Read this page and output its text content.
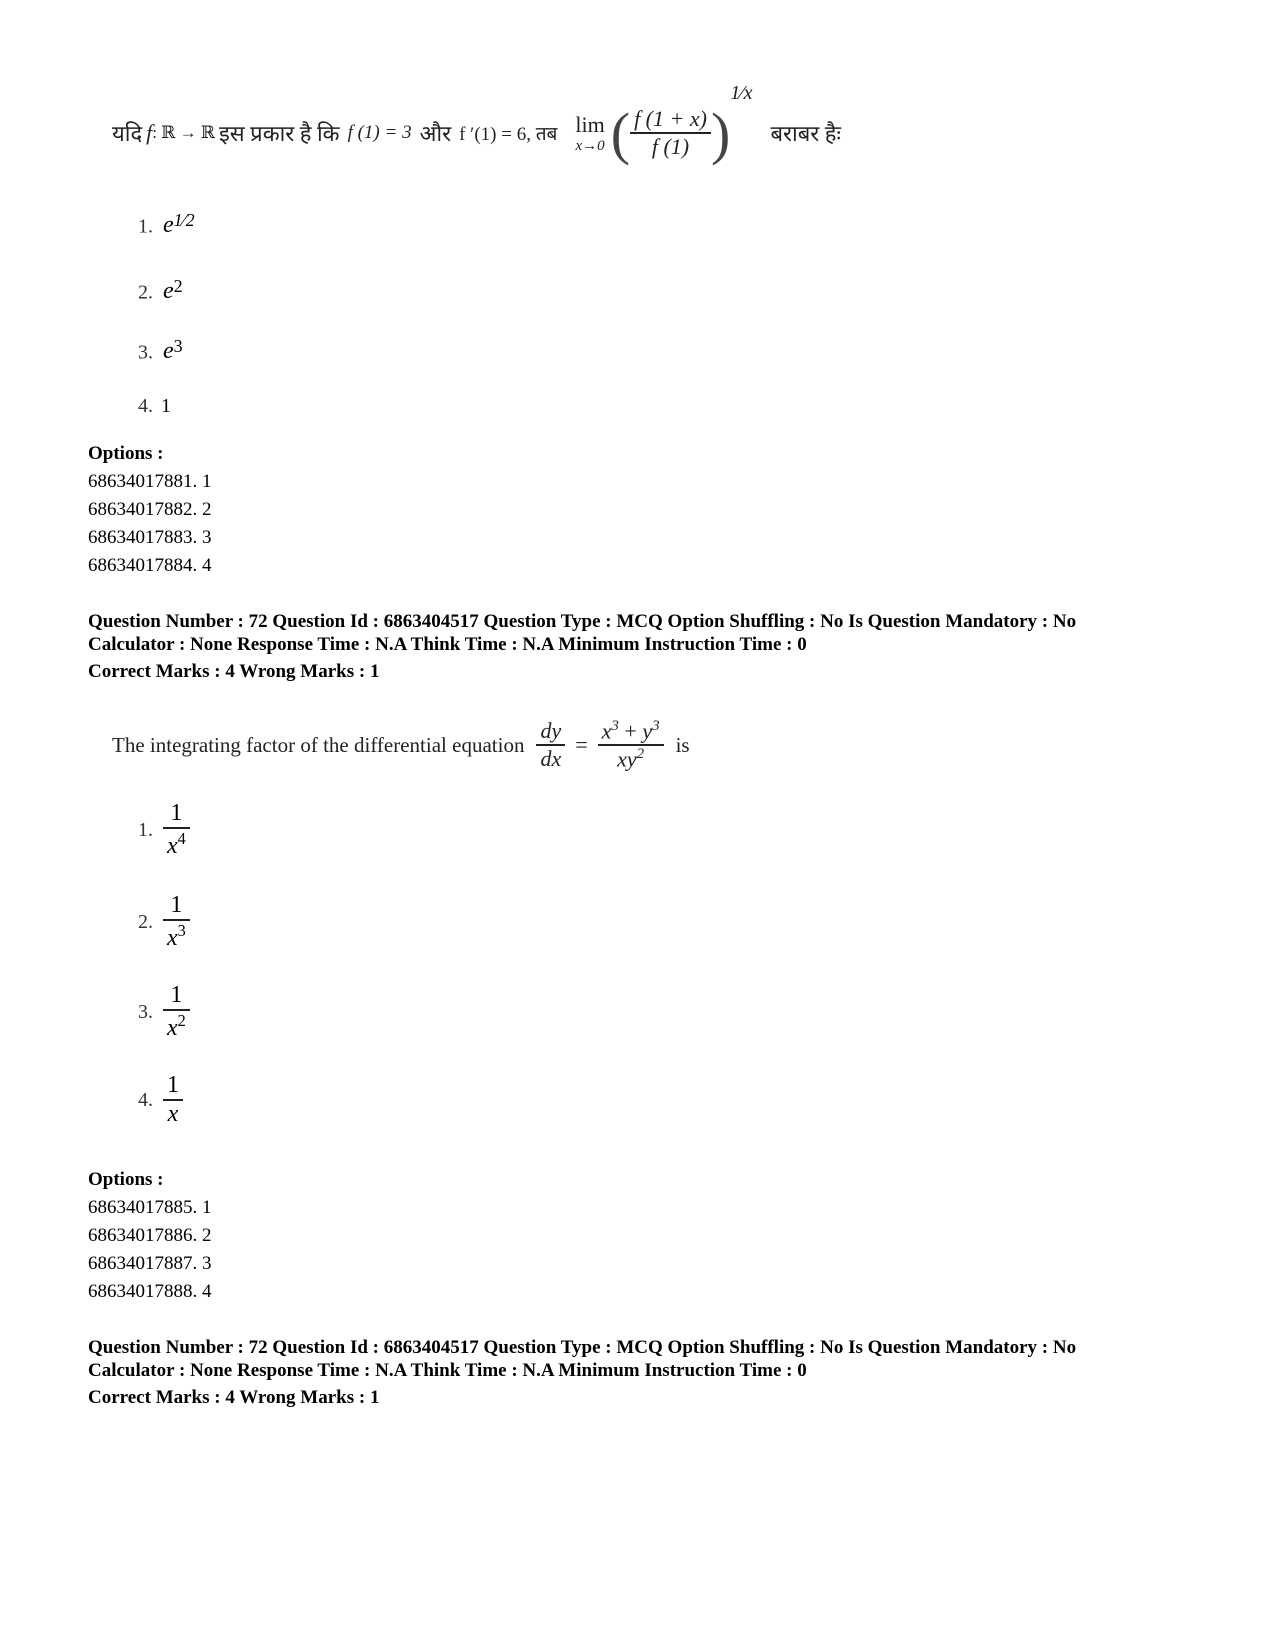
यदि f : ℝ → ℝ इस प्रकार है कि f (1) = 3 और f ′(1) = 6, तब lim
x→0 ( $\frac{f (1 + x)}{f (1)}$ )
1⁄x
बराबर हैः
1. $e^{1⁄2}$
2. $e^2$
3. $e^3$
4. 1
Options :
68634017881. 1
68634017882. 2
68634017883. 3
68634017884. 4
Question Number : 72 Question Id : 6863404517 Question Type : MCQ Option Shuffling : No Is Question Mandatory : No
Calculator : None Response Time : N.A Think Time : N.A Minimum Instruction Time : 0
Correct Marks : 4 Wrong Marks : 1
The integrating factor of the differential equation $\frac{dy}{dx} = \frac{x^3 + y^3}{xy^2}$ is
1. $\frac{1}{x^4}$
2. $\frac{1}{x^3}$
3. $\frac{1}{x^2}$
4. $\frac{1}{x}$
Options :
68634017885. 1
68634017886. 2
68634017887. 3
68634017888. 4
Question Number : 72 Question Id : 6863404517 Question Type : MCQ Option Shuffling : No Is Question Mandatory : No
Calculator : None Response Time : N.A Think Time : N.A Minimum Instruction Time : 0
Correct Marks : 4 Wrong Marks : 1
